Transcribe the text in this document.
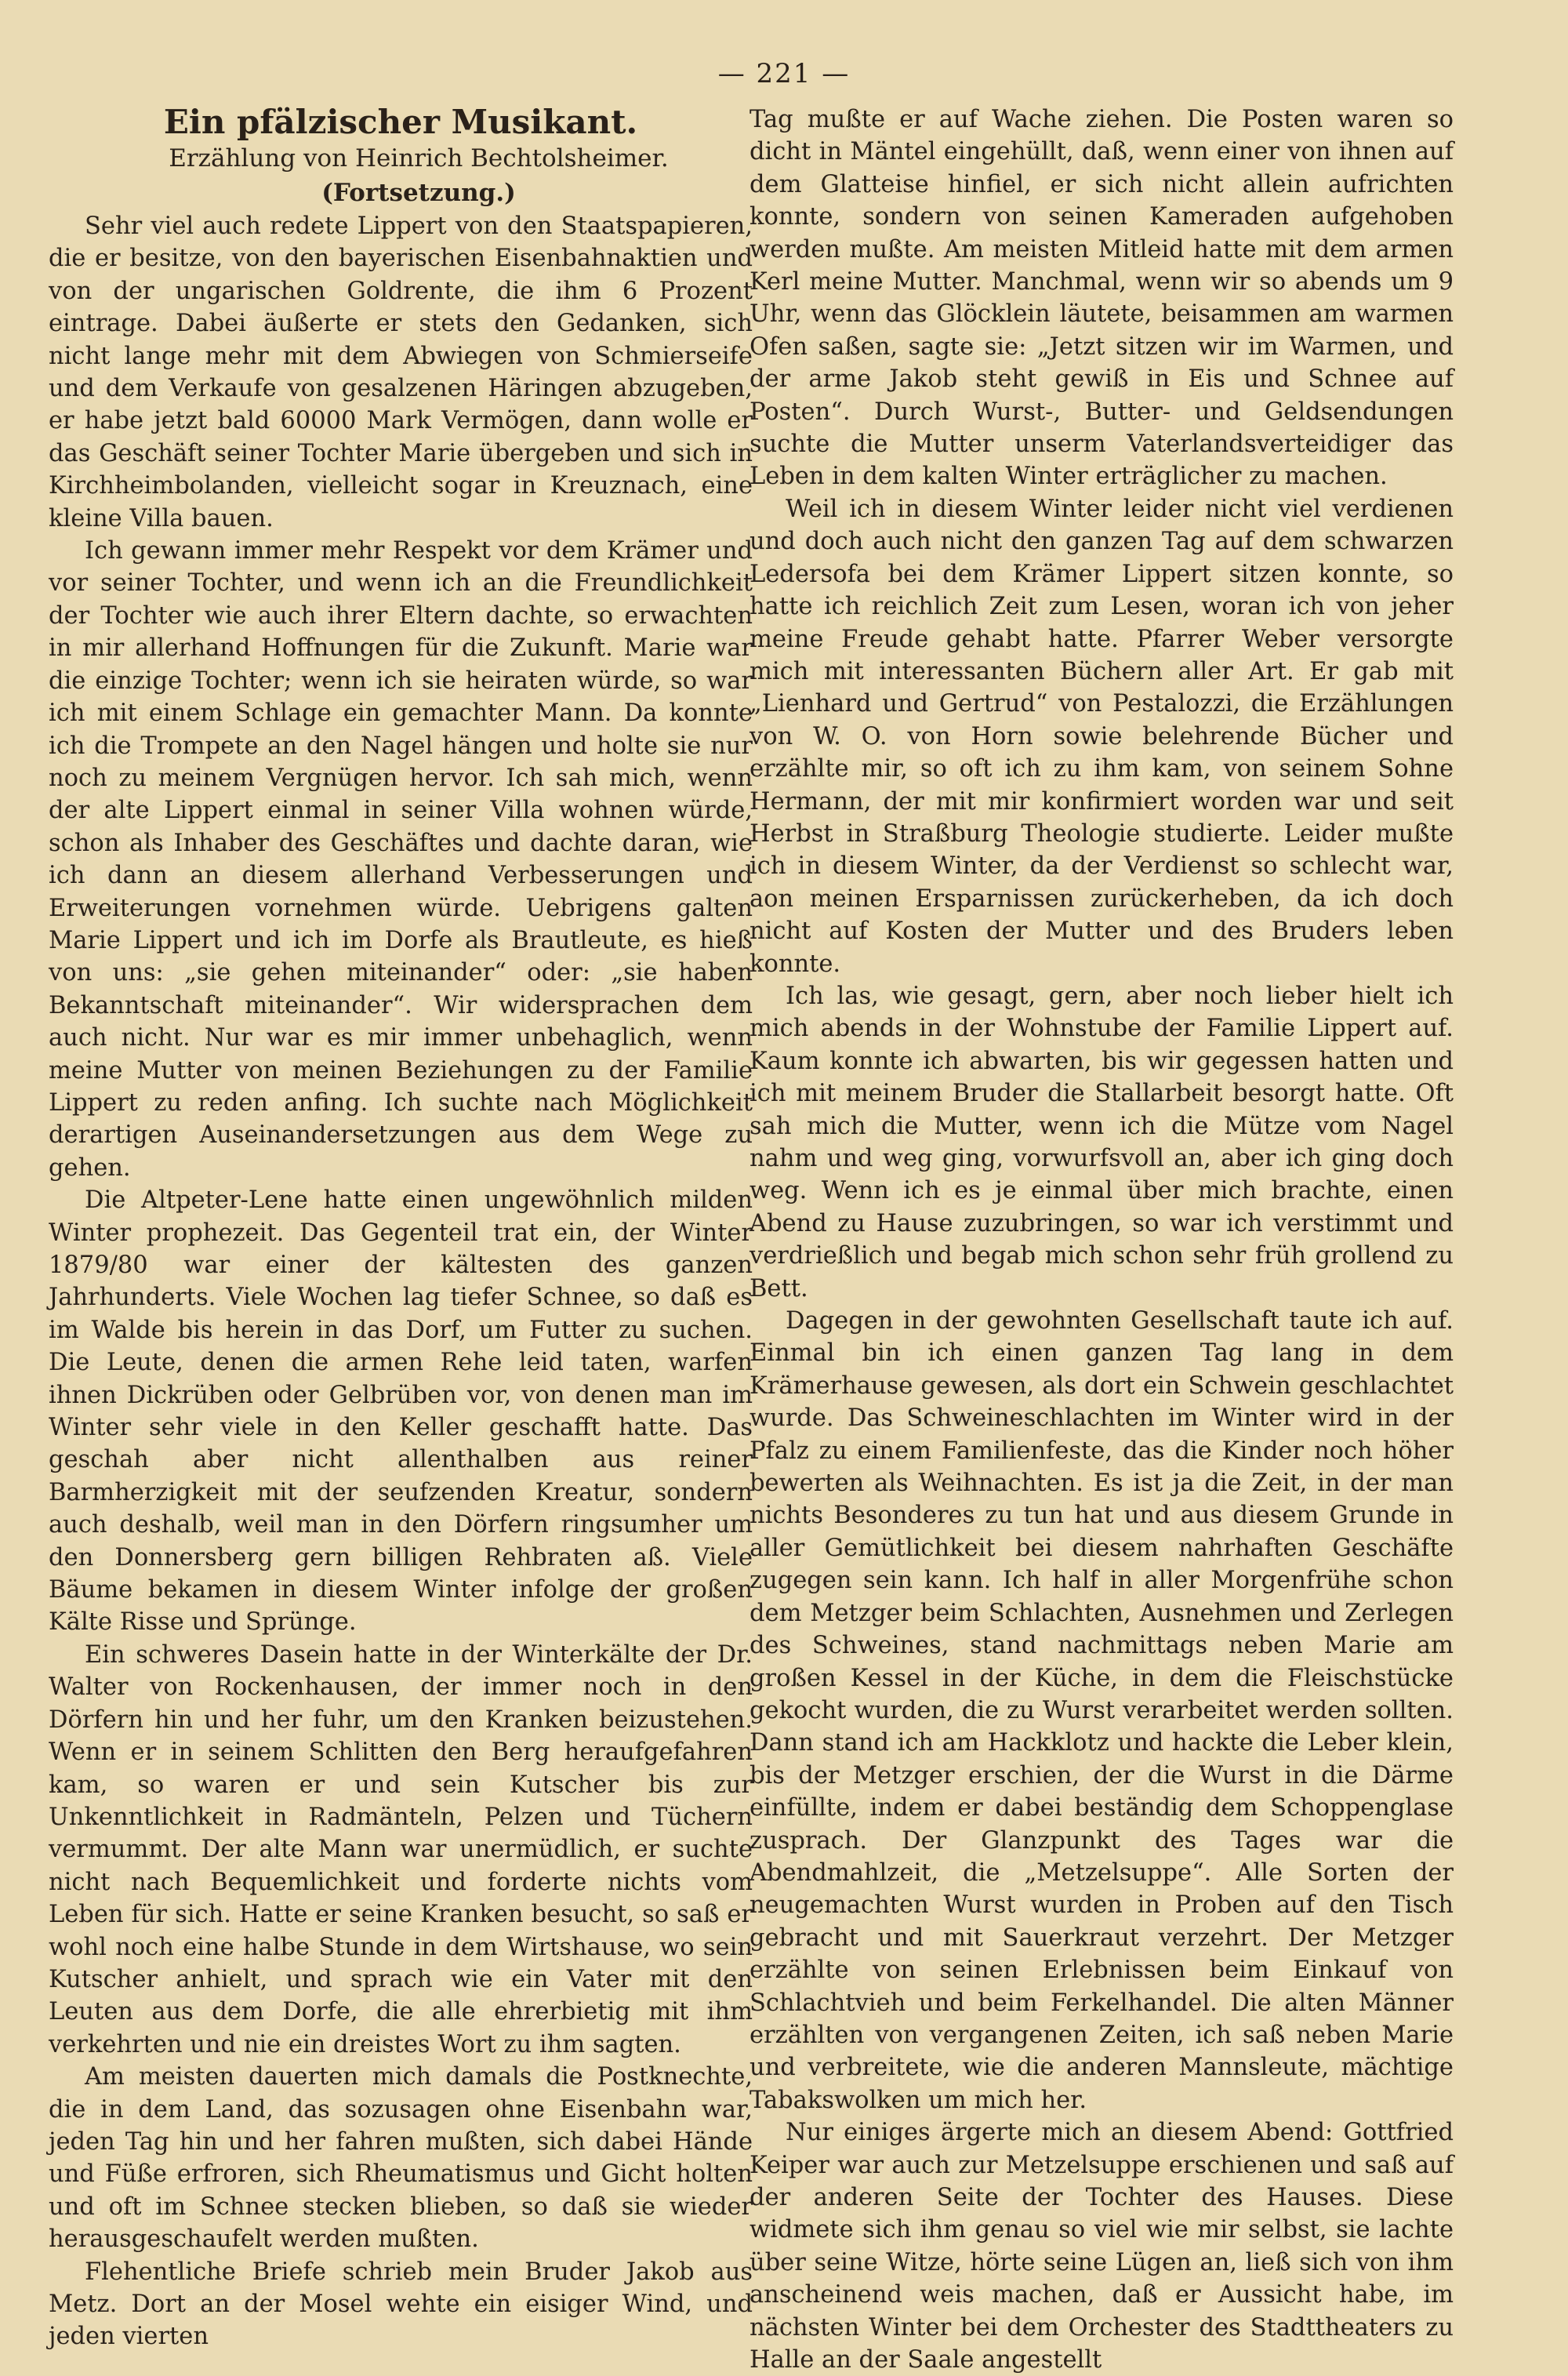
— 221 —

Ein pfälzischer Musikant.

Erzählung von Heinrich Bechtolsheimer.

(Fortsetzung.)

Sehr viel auch redete Lippert von den Staatspapieren, die er besitze, von den bayerischen Eisenbahnaktien und von der ungarischen Goldrente, die ihm 6 Prozent eintrage. Dabei äußerte er stets den Gedanken, sich nicht lange mehr mit dem Abwiegen von Schmierseife und dem Verkaufe von gesalzenen Häringen abzugeben, er habe jetzt bald 60000 Mark Vermögen, dann wolle er das Geschäft seiner Tochter Marie übergeben und sich in Kirchheimbolanden, vielleicht sogar in Kreuznach, eine kleine Villa bauen.

Ich gewann immer mehr Respekt vor dem Krämer und vor seiner Tochter, und wenn ich an die Freundlichkeit der Tochter wie auch ihrer Eltern dachte, so erwachten in mir allerhand Hoffnungen für die Zukunft. Marie war die einzige Tochter; wenn ich sie heiraten würde, so war ich mit einem Schlage ein gemachter Mann. Da konnte ich die Trompete an den Nagel hängen und holte sie nur noch zu meinem Vergnügen hervor. Ich sah mich, wenn der alte Lippert einmal in seiner Villa wohnen würde, schon als Inhaber des Geschäftes und dachte daran, wie ich dann an diesem allerhand Verbesserungen und Erweiterungen vornehmen würde. Uebrigens galten Marie Lippert und ich im Dorfe als Brautleute, es hieß von uns: „sie gehen miteinander“ oder: „sie haben Bekanntschaft miteinander“. Wir widersprachen dem auch nicht. Nur war es mir immer unbehaglich, wenn meine Mutter von meinen Beziehungen zu der Familie Lippert zu reden anfing. Ich suchte nach Möglichkeit derartigen Auseinandersetzungen aus dem Wege zu gehen.

Die Altpeter-Lene hatte einen ungewöhnlich milden Winter prophezeit. Das Gegenteil trat ein, der Winter 1879/80 war einer der kältesten des ganzen Jahrhunderts. Viele Wochen lag tiefer Schnee, so daß es im Walde bis herein in das Dorf, um Futter zu suchen. Die Leute, denen die armen Rehe leid taten, warfen ihnen Dickrüben oder Gelbrüben vor, von denen man im Winter sehr viele in den Keller geschafft hatte. Das geschah aber nicht allenthalben aus reiner Barmherzigkeit mit der seufzenden Kreatur, sondern auch deshalb, weil man in den Dörfern ringsumher um den Donnersberg gern billigen Rehbraten aß. Viele Bäume bekamen in diesem Winter infolge der großen Kälte Risse und Sprünge.

Ein schweres Dasein hatte in der Winterkälte der Dr. Walter von Rockenhausen, der immer noch in den Dörfern hin und her fuhr, um den Kranken beizustehen. Wenn er in seinem Schlitten den Berg heraufgefahren kam, so waren er und sein Kutscher bis zur Unkenntlichkeit in Radmänteln, Pelzen und Tüchern vermummt. Der alte Mann war unermüdlich, er suchte nicht nach Bequemlichkeit und forderte nichts vom Leben für sich. Hatte er seine Kranken besucht, so saß er wohl noch eine halbe Stunde in dem Wirtshause, wo sein Kutscher anhielt, und sprach wie ein Vater mit den Leuten aus dem Dorfe, die alle ehrerbietig mit ihm verkehrten und nie ein dreistes Wort zu ihm sagten.

Am meisten dauerten mich damals die Postknechte, die in dem Land, das sozusagen ohne Eisenbahn war, jeden Tag hin und her fahren mußten, sich dabei Hände und Füße erfroren, sich Rheumatismus und Gicht holten und oft im Schnee stecken blieben, so daß sie wieder herausgeschaufelt werden mußten.

Flehentliche Briefe schrieb mein Bruder Jakob aus Metz. Dort an der Mosel wehte ein eisiger Wind, und jeden vierten

Tag mußte er auf Wache ziehen. Die Posten waren so dicht in Mäntel eingehüllt, daß, wenn einer von ihnen auf dem Glatteise hinfiel, er sich nicht allein aufrichten konnte, sondern von seinen Kameraden aufgehoben werden mußte. Am meisten Mitleid hatte mit dem armen Kerl meine Mutter. Manchmal, wenn wir so abends um 9 Uhr, wenn das Glöcklein läutete, beisammen am warmen Ofen saßen, sagte sie: „Jetzt sitzen wir im Warmen, und der arme Jakob steht gewiß in Eis und Schnee auf Posten“. Durch Wurst-, Butter- und Geldsendungen suchte die Mutter unserm Vaterlandsverteidiger das Leben in dem kalten Winter erträglicher zu machen.

Weil ich in diesem Winter leider nicht viel verdienen und doch auch nicht den ganzen Tag auf dem schwarzen Ledersofa bei dem Krämer Lippert sitzen konnte, so hatte ich reichlich Zeit zum Lesen, woran ich von jeher meine Freude gehabt hatte. Pfarrer Weber versorgte mich mit interessanten Büchern aller Art. Er gab mit „Lienhard und Gertrud“ von Pestalozzi, die Erzählungen von W. O. von Horn sowie belehrende Bücher und erzählte mir, so oft ich zu ihm kam, von seinem Sohne Hermann, der mit mir konfirmiert worden war und seit Herbst in Straßburg Theologie studierte. Leider mußte ich in diesem Winter, da der Verdienst so schlecht war, aon meinen Ersparnissen zurückerheben, da ich doch nicht auf Kosten der Mutter und des Bruders leben konnte.

Ich las, wie gesagt, gern, aber noch lieber hielt ich mich abends in der Wohnstube der Familie Lippert auf. Kaum konnte ich abwarten, bis wir gegessen hatten und ich mit meinem Bruder die Stallarbeit besorgt hatte. Oft sah mich die Mutter, wenn ich die Mütze vom Nagel nahm und weg ging, vorwurfsvoll an, aber ich ging doch weg. Wenn ich es je einmal über mich brachte, einen Abend zu Hause zuzubringen, so war ich verstimmt und verdrießlich und begab mich schon sehr früh grollend zu Bett.

Dagegen in der gewohnten Gesellschaft taute ich auf. Einmal bin ich einen ganzen Tag lang in dem Krämerhause gewesen, als dort ein Schwein geschlachtet wurde. Das Schweineschlachten im Winter wird in der Pfalz zu einem Familienfeste, das die Kinder noch höher bewerten als Weihnachten. Es ist ja die Zeit, in der man nichts Besonderes zu tun hat und aus diesem Grunde in aller Gemütlichkeit bei diesem nahrhaften Geschäfte zugegen sein kann. Ich half in aller Morgenfrühe schon dem Metzger beim Schlachten, Ausnehmen und Zerlegen des Schweines, stand nachmittags neben Marie am großen Kessel in der Küche, in dem die Fleischstücke gekocht wurden, die zu Wurst verarbeitet werden sollten. Dann stand ich am Hackklotz und hackte die Leber klein, bis der Metzger erschien, der die Wurst in die Därme einfüllte, indem er dabei beständig dem Schoppenglase zusprach. Der Glanzpunkt des Tages war die Abendmahlzeit, die „Metzelsuppe“. Alle Sorten der neugemachten Wurst wurden in Proben auf den Tisch gebracht und mit Sauerkraut verzehrt. Der Metzger erzählte von seinen Erlebnissen beim Einkauf von Schlachtvieh und beim Ferkelhandel. Die alten Männer erzählten von vergangenen Zeiten, ich saß neben Marie und verbreitete, wie die anderen Mannsleute, mächtige Tabakswolken um mich her.

Nur einiges ärgerte mich an diesem Abend: Gottfried Keiper war auch zur Metzelsuppe erschienen und saß auf der anderen Seite der Tochter des Hauses. Diese widmete sich ihm genau so viel wie mir selbst, sie lachte über seine Witze, hörte seine Lügen an, ließ sich von ihm anscheinend weis machen, daß er Aussicht habe, im nächsten Winter bei dem Orchester des Stadttheaters zu Halle an der Saale angestellt
